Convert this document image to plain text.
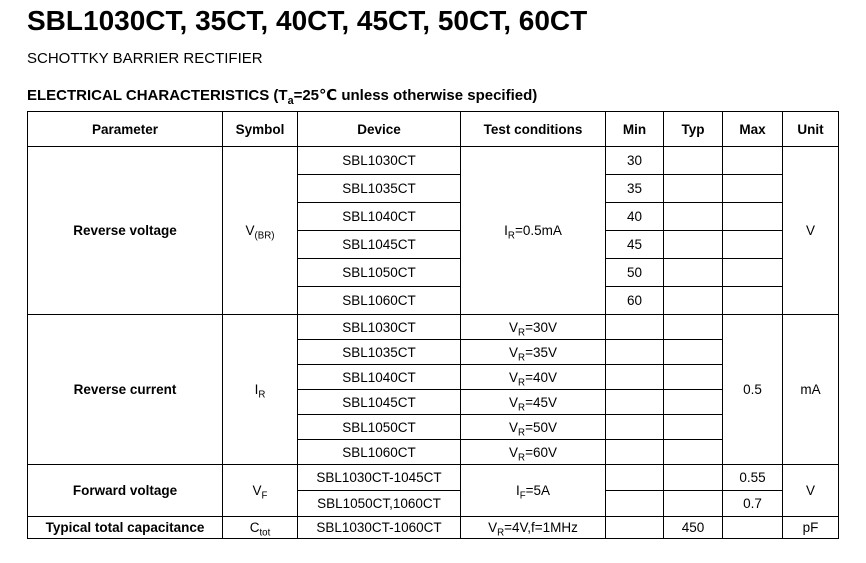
SBL1030CT, 35CT, 40CT, 45CT, 50CT, 60CT
SCHOTTKY BARRIER RECTIFIER
ELECTRICAL CHARACTERISTICS ($T_a=25℃$ unless otherwise specified)
Parameter	Symbol	Device	Test conditions	Min	Typ	Max	Unit
Reverse voltage	$V_{(BR)}$	SBL1030CT	$I_R=0.5mA$	30			V
		SBL1035CT		35			
		SBL1040CT		40			
		SBL1045CT		45			
		SBL1050CT		50			
		SBL1060CT		60			
Reverse current	$I_R$	SBL1030CT	$V_R=30V$			0.5	mA
		SBL1035CT	$V_R=35V$				
		SBL1040CT	$V_R=40V$				
		SBL1045CT	$V_R=45V$				
		SBL1050CT	$V_R=50V$				
		SBL1060CT	$V_R=60V$				
Forward voltage	$V_F$	SBL1030CT-1045CT	$I_F=5A$			0.55	V
		SBL1050CT,1060CT				0.7	
Typical total capacitance	$C_{tot}$	SBL1030CT-1060CT	$V_R=4V,f=1MHz$		450		pF
